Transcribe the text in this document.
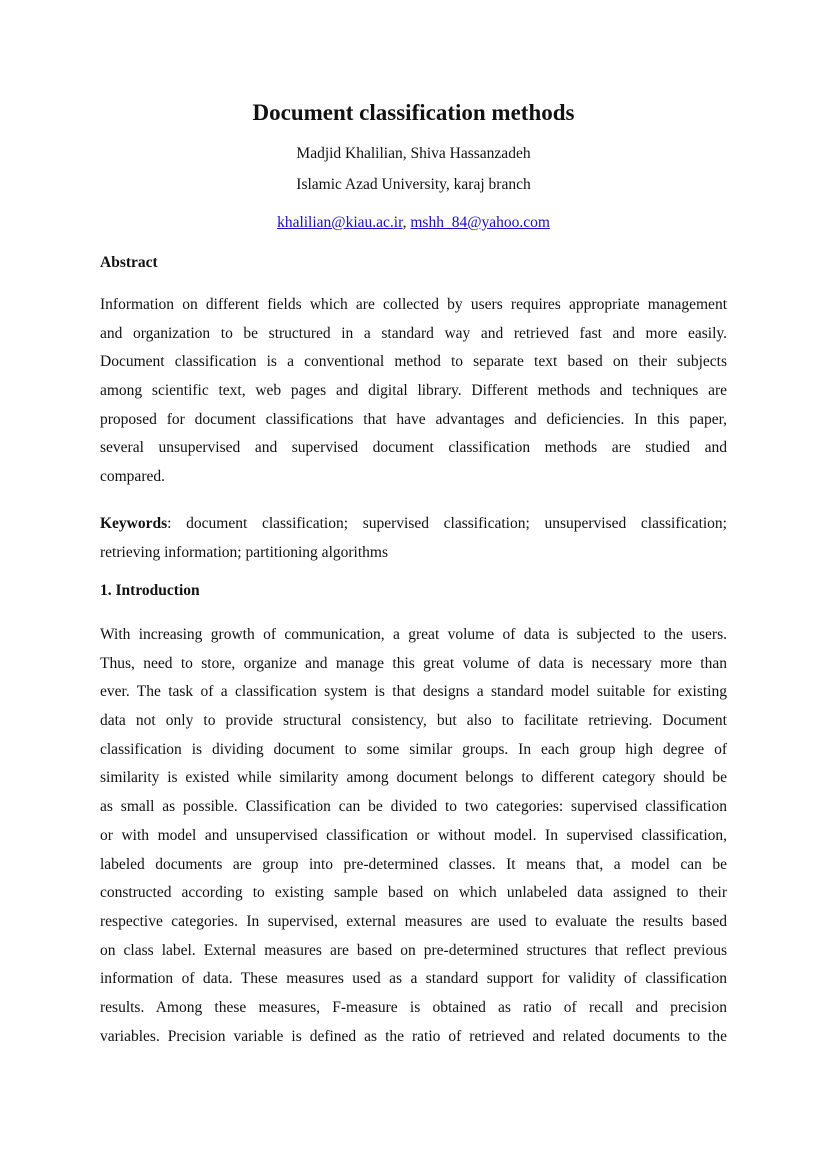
Document classification methods
Madjid Khalilian, Shiva Hassanzadeh
Islamic Azad University, karaj branch
khalilian@kiau.ac.ir, mshh_84@yahoo.com
Abstract
Information on different fields which are collected by users requires appropriate management
and organization to be structured in a standard way and retrieved fast and more easily.
Document classification is a conventional method to separate text based on their subjects
among scientific text, web pages and digital library. Different methods and techniques are
proposed for document classifications that have advantages and deficiencies. In this paper,
several unsupervised and supervised document classification methods are studied and
compared.
Keywords: document classification; supervised classification; unsupervised classification;
retrieving information; partitioning algorithms
1. Introduction
With increasing growth of communication, a great volume of data is subjected to the users.
Thus, need to store, organize and manage this great volume of data is necessary more than
ever. The task of a classification system is that designs a standard model suitable for existing
data not only to provide structural consistency, but also to facilitate retrieving. Document
classification is dividing document to some similar groups. In each group high degree of
similarity is existed while similarity among document belongs to different category should be
as small as possible. Classification can be divided to two categories: supervised classification
or with model and unsupervised classification or without model. In supervised classification,
labeled documents are group into pre-determined classes. It means that, a model can be
constructed according to existing sample based on which unlabeled data assigned to their
respective categories. In supervised, external measures are used to evaluate the results based
on class label. External measures are based on pre-determined structures that reflect previous
information of data. These measures used as a standard support for validity of classification
results. Among these measures, F-measure is obtained as ratio of recall and precision
variables. Precision variable is defined as the ratio of retrieved and related documents to the
